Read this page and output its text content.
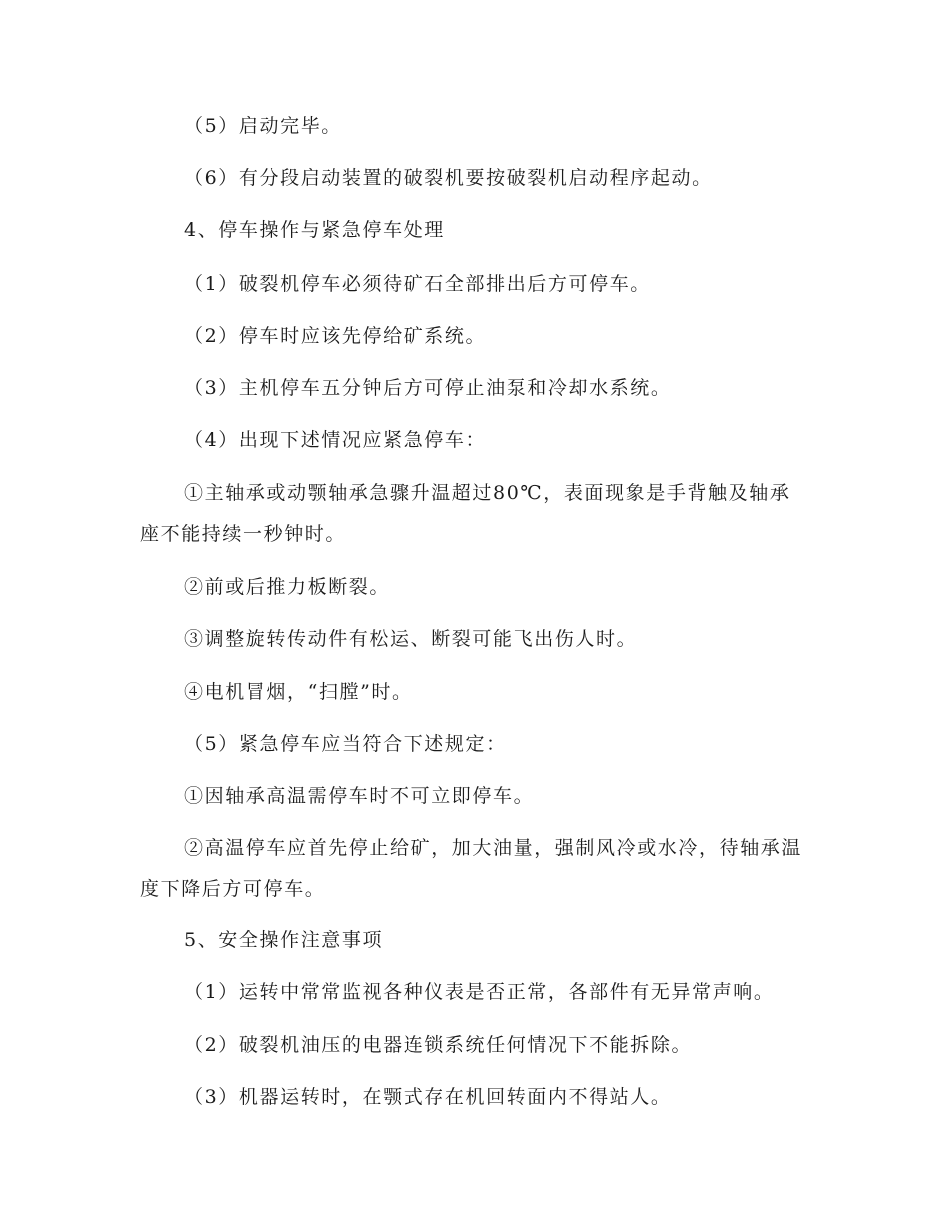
（5）启动完毕。
（6）有分段启动装置的破裂机要按破裂机启动程序起动。
4、停车操作与紧急停车处理
（1）破裂机停车必须待矿石全部排出后方可停车。
（2）停车时应该先停给矿系统。
（3）主机停车五分钟后方可停止油泵和冷却水系统。
（4）出现下述情况应紧急停车：
①主轴承或动颚轴承急骤升温超过80℃，表面现象是手背触及轴承座不能持续一秒钟时。
②前或后推力板断裂。
③调整旋转传动件有松运、断裂可能飞出伤人时。
④电机冒烟，“扫膛”时。
（5）紧急停车应当符合下述规定：
①因轴承高温需停车时不可立即停车。
②高温停车应首先停止给矿，加大油量，强制风冷或水冷，待轴承温度下降后方可停车。
5、安全操作注意事项
（1）运转中常常监视各种仪表是否正常，各部件有无异常声响。
（2）破裂机油压的电器连锁系统任何情况下不能拆除。
（3）机器运转时，在颚式存在机回转面内不得站人。
